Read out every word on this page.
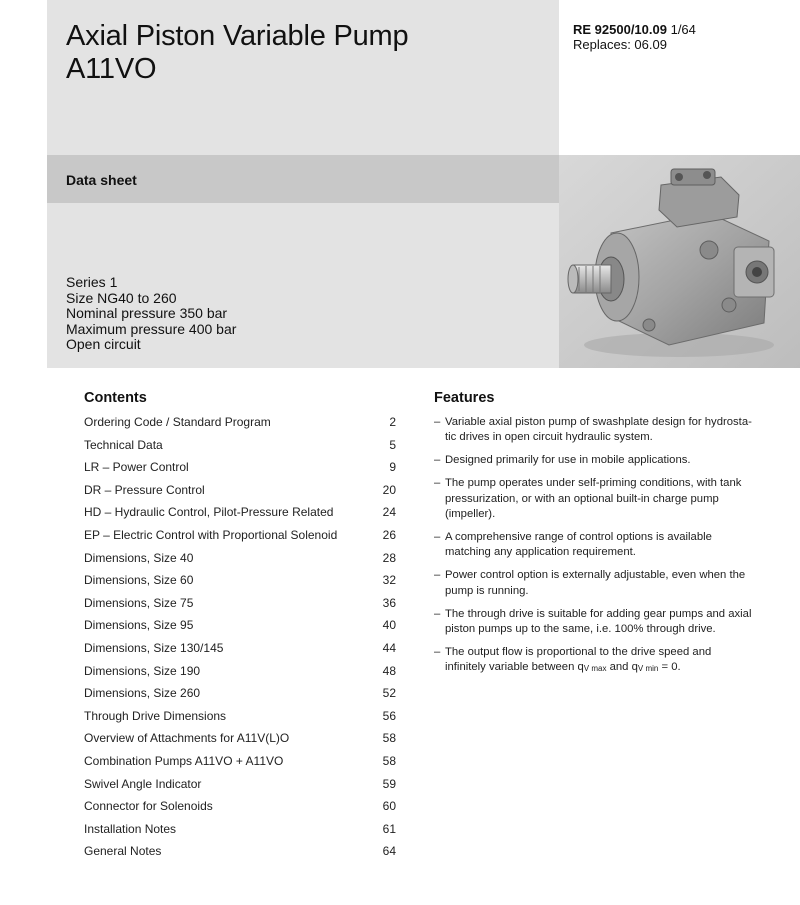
Axial Piston Variable Pump
A11VO
RE 92500/10.09 1/64
Replaces: 06.09
Data sheet
Series 1
Size NG40 to 260
Nominal pressure 350 bar
Maximum pressure 400 bar
Open circuit
Contents
Ordering Code / Standard Program	2
Technical Data	5
LR – Power Control	9
DR – Pressure Control	20
HD – Hydraulic Control, Pilot-Pressure Related	24
EP – Electric Control with Proportional Solenoid	26
Dimensions, Size 40	28
Dimensions, Size 60	32
Dimensions, Size 75	36
Dimensions, Size 95	40
Dimensions, Size 130/145	44
Dimensions, Size 190	48
Dimensions, Size 260	52
Through Drive Dimensions	56
Overview of Attachments for A11V(L)O	58
Combination Pumps A11VO + A11VO	58
Swivel Angle Indicator	59
Connector for Solenoids	60
Installation Notes	61
General Notes	64
Features
– Variable axial piston pump of swashplate design for hydrosta-
tic drives in open circuit hydraulic system.
– Designed primarily for use in mobile applications.
– The pump operates under self-priming conditions, with tank
pressurization, or with an optional built-in charge pump
(impeller).
– A comprehensive range of control options is available
matching any application requirement.
– Power control option is externally adjustable, even when the
pump is running.
– The through drive is suitable for adding gear pumps and axial
piston pumps up to the same, i.e. 100% through drive.
– The output flow is proportional to the drive speed and
infinitely variable between $q_{V max}$ and $q_{V min} = 0$.
